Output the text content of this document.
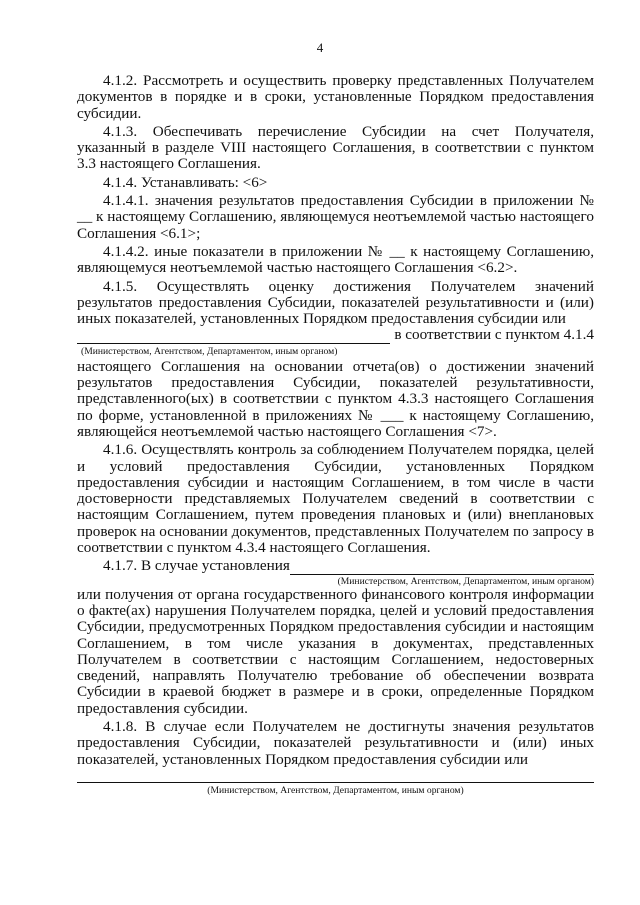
4

4.1.2. Рассмотреть и осуществить проверку представленных Получателем документов в порядке и в сроки, установленные Порядком предоставления субсидии.

4.1.3. Обеспечивать перечисление Субсидии на счет Получателя, указанный в разделе VIII настоящего Соглашения, в соответствии с пунктом 3.3 настоящего Соглашения.

4.1.4. Устанавливать: <6>

4.1.4.1. значения результатов предоставления Субсидии в приложении № __ к настоящему Соглашению, являющемуся неотъемлемой частью настоящего Соглашения <6.1>;

4.1.4.2. иные показатели в приложении № __ к настоящему Соглашению, являющемуся неотъемлемой частью настоящего Соглашения <6.2>.

4.1.5. Осуществлять оценку достижения Получателем значений результатов предоставления Субсидии, показателей результативности и (или) иных показателей, установленных Порядком предоставления субсидии или

в соответствии с пунктом 4.1.4
(Министерством, Агентством, Департаментом, иным органом)

настоящего Соглашения на основании отчета(ов) о достижении значений результатов предоставления Субсидии, показателей результативности, представленного(ых) в соответствии с пунктом 4.3.3 настоящего Соглашения по форме, установленной в приложениях № ___ к настоящему Соглашению, являющейся неотъемлемой частью настоящего Соглашения <7>.

4.1.6. Осуществлять контроль за соблюдением Получателем порядка, целей и условий предоставления Субсидии, установленных Порядком предоставления субсидии и настоящим Соглашением, в том числе в части достоверности представляемых Получателем сведений в соответствии с настоящим Соглашением, путем проведения плановых и (или) внеплановых проверок на основании документов, представленных Получателем по запросу в соответствии с пунктом 4.3.4 настоящего Соглашения.

4.1.7. В случае установления
(Министерством, Агентством, Департаментом, иным органом)

или получения от органа государственного финансового контроля информации о факте(ах) нарушения Получателем порядка, целей и условий предоставления Субсидии, предусмотренных Порядком предоставления субсидии и настоящим Соглашением, в том числе указания в документах, представленных Получателем в соответствии с настоящим Соглашением, недостоверных сведений, направлять Получателю требование об обеспечении возврата Субсидии в краевой бюджет в размере и в сроки, определенные Порядком предоставления субсидии.

4.1.8. В случае если Получателем не достигнуты значения результатов предоставления Субсидии, показателей результативности и (или) иных показателей, установленных Порядком предоставления субсидии или

(Министерством, Агентством, Департаментом, иным органом)
